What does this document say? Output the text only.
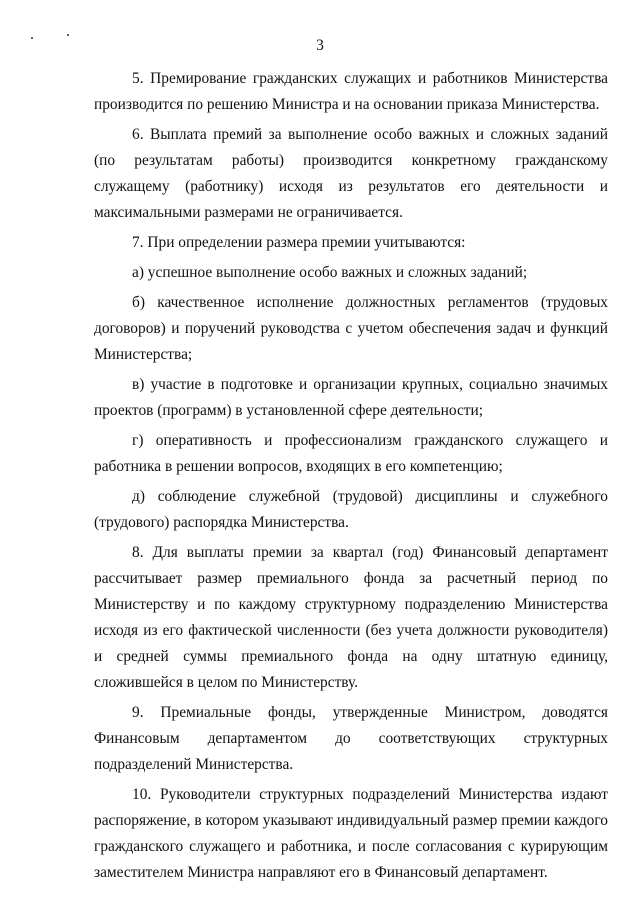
3

5. Премирование гражданских служащих и работников Министерства производится по решению Министра и на основании приказа Министерства.

6. Выплата премий за выполнение особо важных и сложных заданий (по результатам работы) производится конкретному гражданскому служащему (работнику) исходя из результатов его деятельности и максимальными размерами не ограничивается.

7. При определении размера премии учитываются:

а) успешное выполнение особо важных и сложных заданий;

б) качественное исполнение должностных регламентов (трудовых договоров) и поручений руководства с учетом обеспечения задач и функций Министерства;

в) участие в подготовке и организации крупных, социально значимых проектов (программ) в установленной сфере деятельности;

г) оперативность и профессионализм гражданского служащего и работника в решении вопросов, входящих в его компетенцию;

д) соблюдение служебной (трудовой) дисциплины и служебного (трудового) распорядка Министерства.

8. Для выплаты премии за квартал (год) Финансовый департамент рассчитывает размер премиального фонда за расчетный период по Министерству и по каждому структурному подразделению Министерства исходя из его фактической численности (без учета должности руководителя) и средней суммы премиального фонда на одну штатную единицу, сложившейся в целом по Министерству.

9. Премиальные фонды, утвержденные Министром, доводятся Финансовым департаментом до соответствующих структурных подразделений Министерства.

10. Руководители структурных подразделений Министерства издают распоряжение, в котором указывают индивидуальный размер премии каждого гражданского служащего и работника, и после согласования с курирующим заместителем Министра направляют его в Финансовый департамент.
